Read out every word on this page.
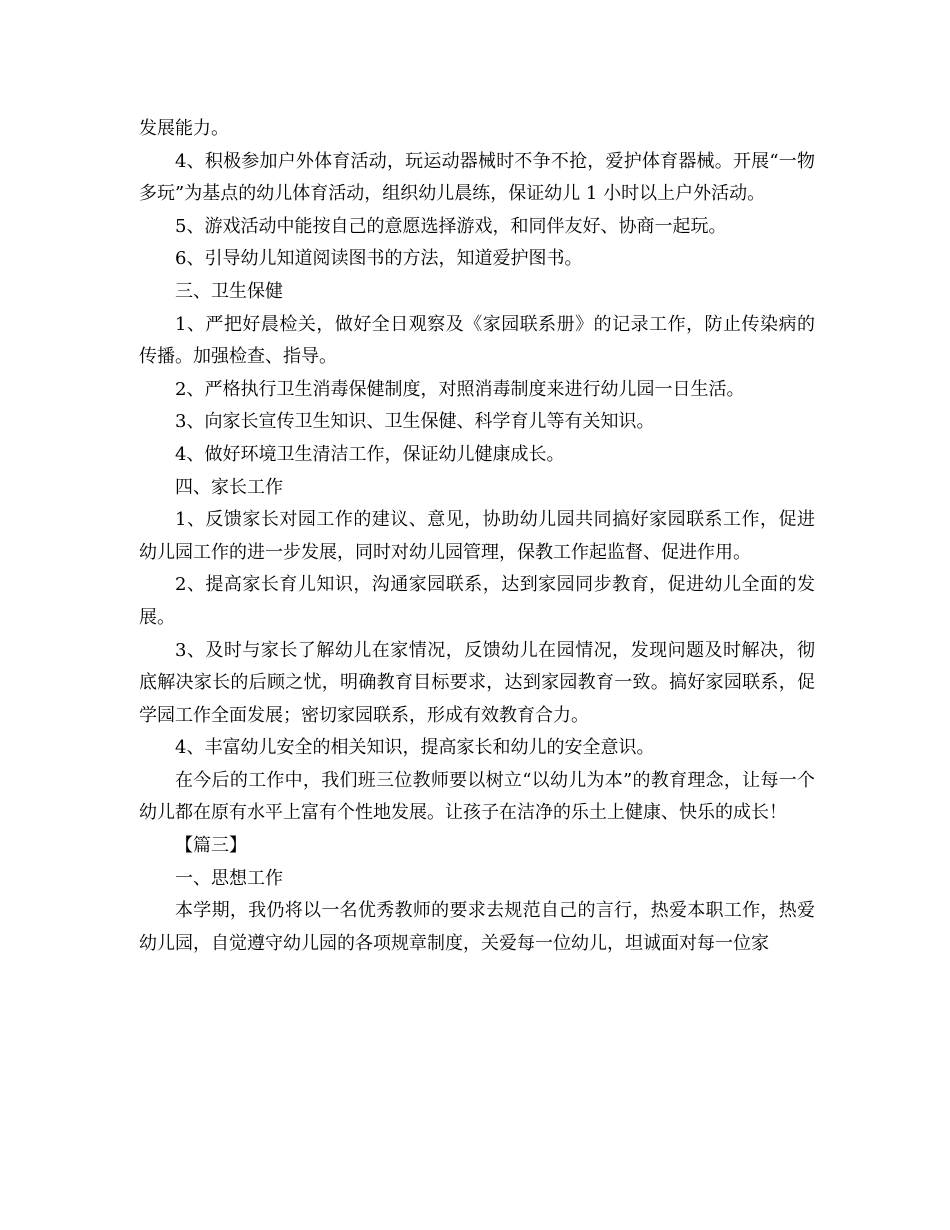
发展能力。

4、积极参加户外体育活动，玩运动器械时不争不抢，爱护体育器械。开展“一物多玩”为基点的幼儿体育活动，组织幼儿晨练，保证幼儿 1 小时以上户外活动。

5、游戏活动中能按自己的意愿选择游戏，和同伴友好、协商一起玩。

6、引导幼儿知道阅读图书的方法，知道爱护图书。

三、卫生保健

1、严把好晨检关，做好全日观察及《家园联系册》的记录工作，防止传染病的传播。加强检查、指导。

2、严格执行卫生消毒保健制度，对照消毒制度来进行幼儿园一日生活。

3、向家长宣传卫生知识、卫生保健、科学育儿等有关知识。

4、做好环境卫生清洁工作，保证幼儿健康成长。

四、家长工作

1、反馈家长对园工作的建议、意见，协助幼儿园共同搞好家园联系工作，促进幼儿园工作的进一步发展，同时对幼儿园管理，保教工作起监督、促进作用。

2、提高家长育儿知识，沟通家园联系，达到家园同步教育，促进幼儿全面的发展。

3、及时与家长了解幼儿在家情况，反馈幼儿在园情况，发现问题及时解决，彻底解决家长的后顾之忧，明确教育目标要求，达到家园教育一致。搞好家园联系，促学园工作全面发展；密切家园联系，形成有效教育合力。

4、丰富幼儿安全的相关知识，提高家长和幼儿的安全意识。

在今后的工作中，我们班三位教师要以树立“以幼儿为本”的教育理念，让每一个幼儿都在原有水平上富有个性地发展。让孩子在洁净的乐土上健康、快乐的成长！

【篇三】

一、思想工作

本学期，我仍将以一名优秀教师的要求去规范自己的言行，热爱本职工作，热爱幼儿园，自觉遵守幼儿园的各项规章制度，关爱每一位幼儿，坦诚面对每一位家
